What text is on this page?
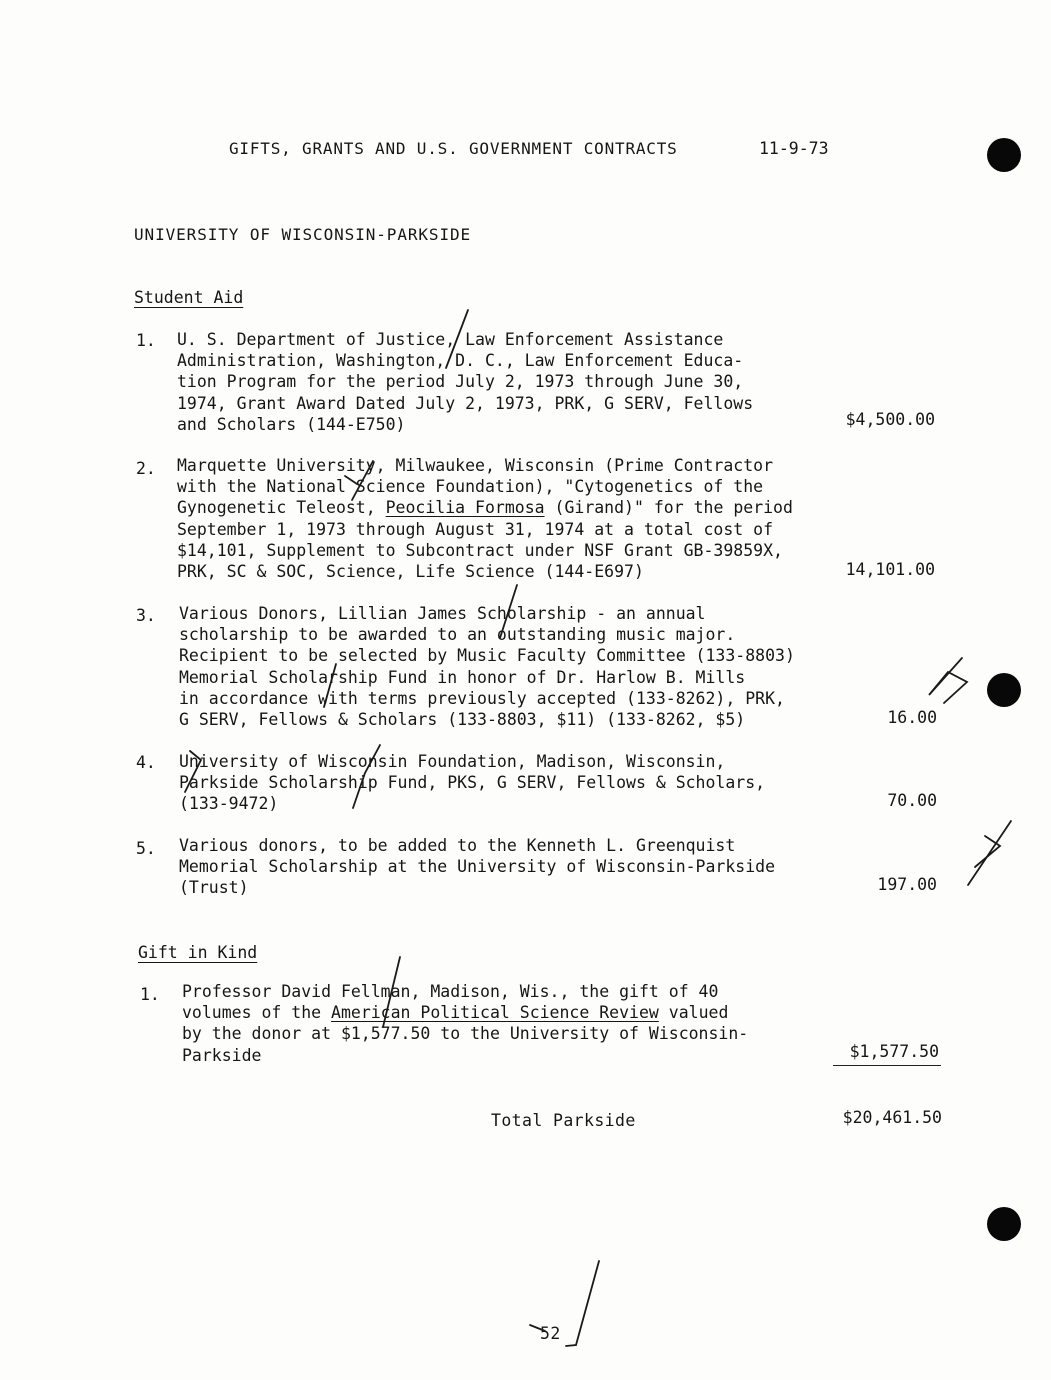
GIFTS, GRANTS AND U.S. GOVERNMENT CONTRACTS	11-9-73
UNIVERSITY OF WISCONSIN-PARKSIDE
Student Aid
1. U. S. Department of Justice, Law Enforcement Assistance
Administration, Washington, D. C., Law Enforcement Educa-
tion Program for the period July 2, 1973 through June 30,
1974, Grant Award Dated July 2, 1973, PRK, G SERV, Fellows
and Scholars (144-E750)	$4,500.00
2. Marquette University, Milwaukee, Wisconsin (Prime Contractor
with the National Science Foundation), "Cytogenetics of the
Gynogenetic Teleost, Peocilia Formosa (Girand)" for the period
September 1, 1973 through August 31, 1974 at a total cost of
$14,101, Supplement to Subcontract under NSF Grant GB-39859X,
PRK, SC & SOC, Science, Life Science (144-E697)	14,101.00
3. Various Donors, Lillian James Scholarship - an annual
scholarship to be awarded to an outstanding music major.
Recipient to be selected by Music Faculty Committee (133-8803)
Memorial Scholarship Fund in honor of Dr. Harlow B. Mills
in accordance with terms previously accepted (133-8262), PRK,
G SERV, Fellows & Scholars (133-8803, $11) (133-8262, $5)	16.00
4. University of Wisconsin Foundation, Madison, Wisconsin,
Parkside Scholarship Fund, PKS, G SERV, Fellows & Scholars,
(133-9472)	70.00
5. Various donors, to be added to the Kenneth L. Greenquist
Memorial Scholarship at the University of Wisconsin-Parkside
(Trust)	197.00
Gift in Kind
1. Professor David Fellman, Madison, Wis., the gift of 40
volumes of the American Political Science Review valued
by the donor at $1,577.50 to the University of Wisconsin-
Parkside	$1,577.50
Total Parkside	$20,461.50
52
